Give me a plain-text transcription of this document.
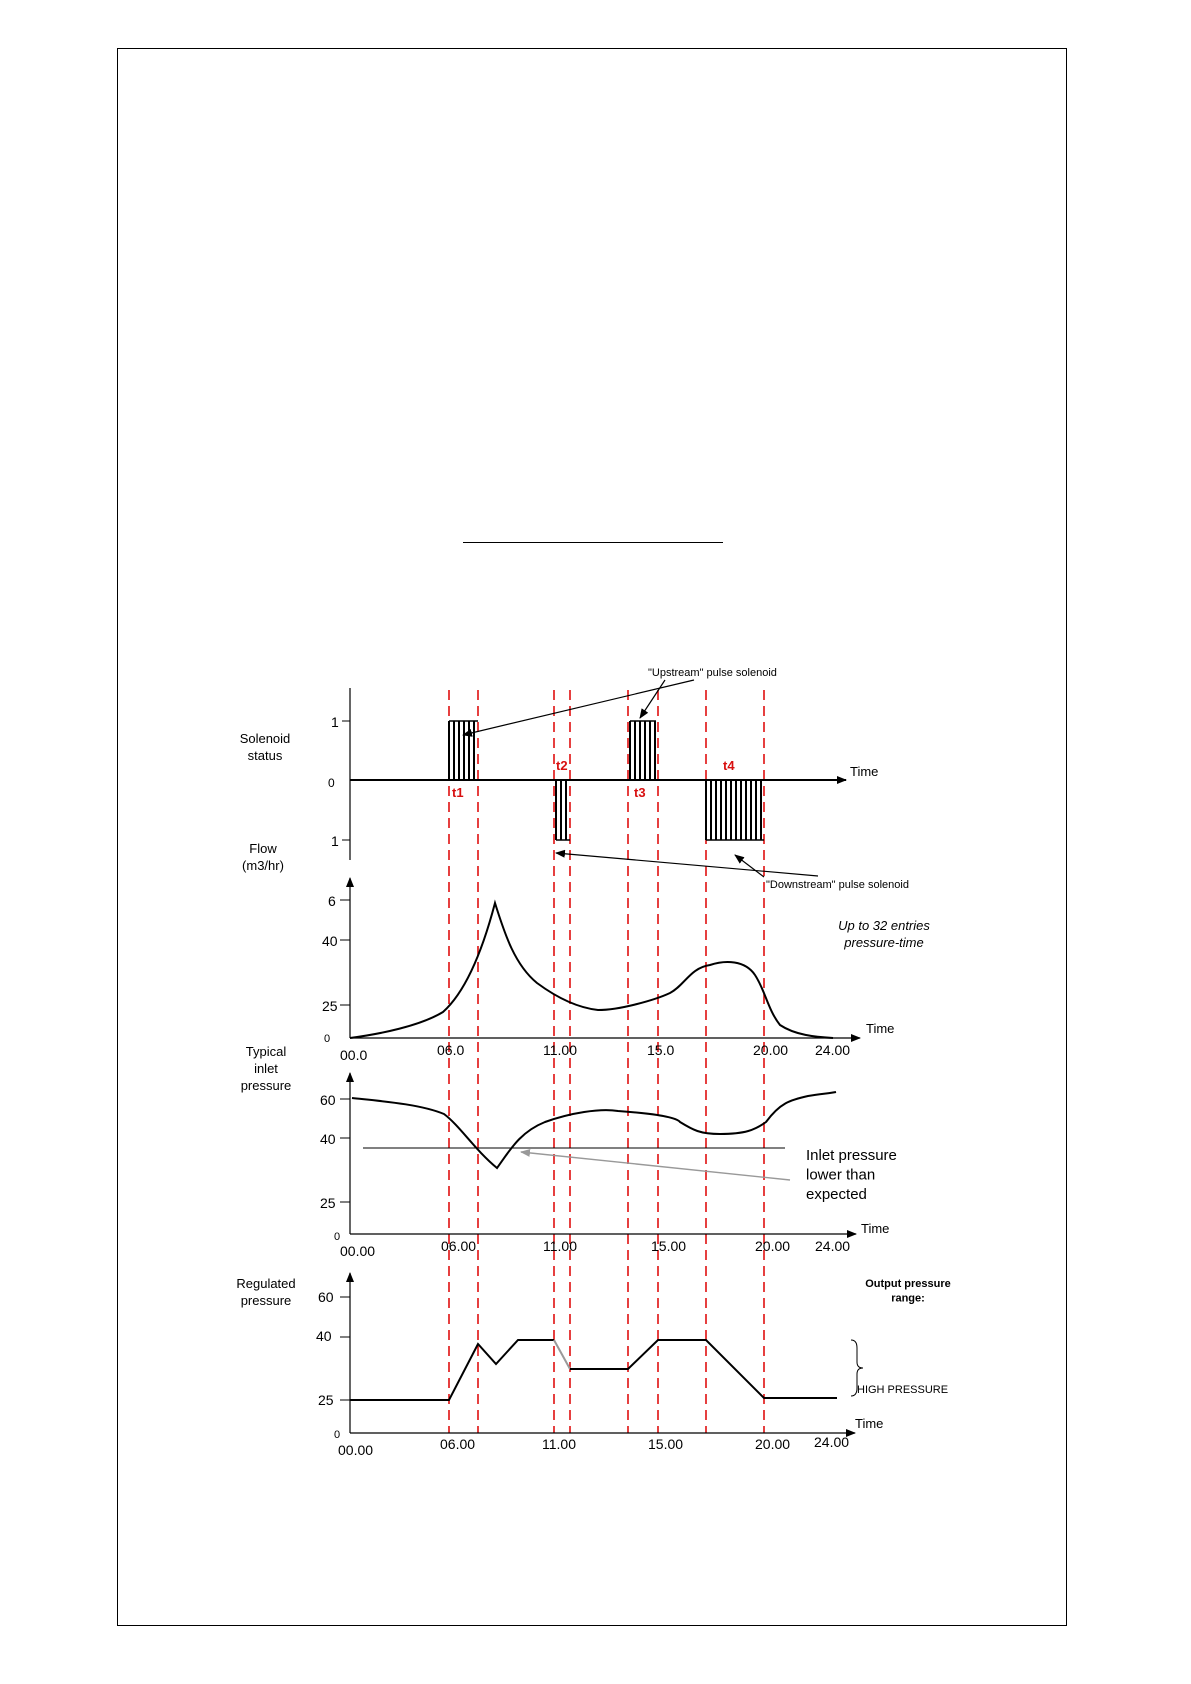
1
0
1
Solenoid status
Time
t1
t2
t3
t4
"Upstream" pulse solenoid
"Downstream" pulse solenoid
Flow (m3/hr)
6
40
25
0
00.0	06.0	11.00	15.0	20.00 24.00
Time
Up to 32 entries pressure-time
Typical inlet pressure
60
40
25
0
00.00	06.00	11.00	15.00	20.00 24.00
Time
Inlet pressure lower than expected
Regulated pressure	60
40
25
0
00.00	06.00	11.00	15.00	20.00 24.00
Time
Output pressure range:
HIGH PRESSURE
